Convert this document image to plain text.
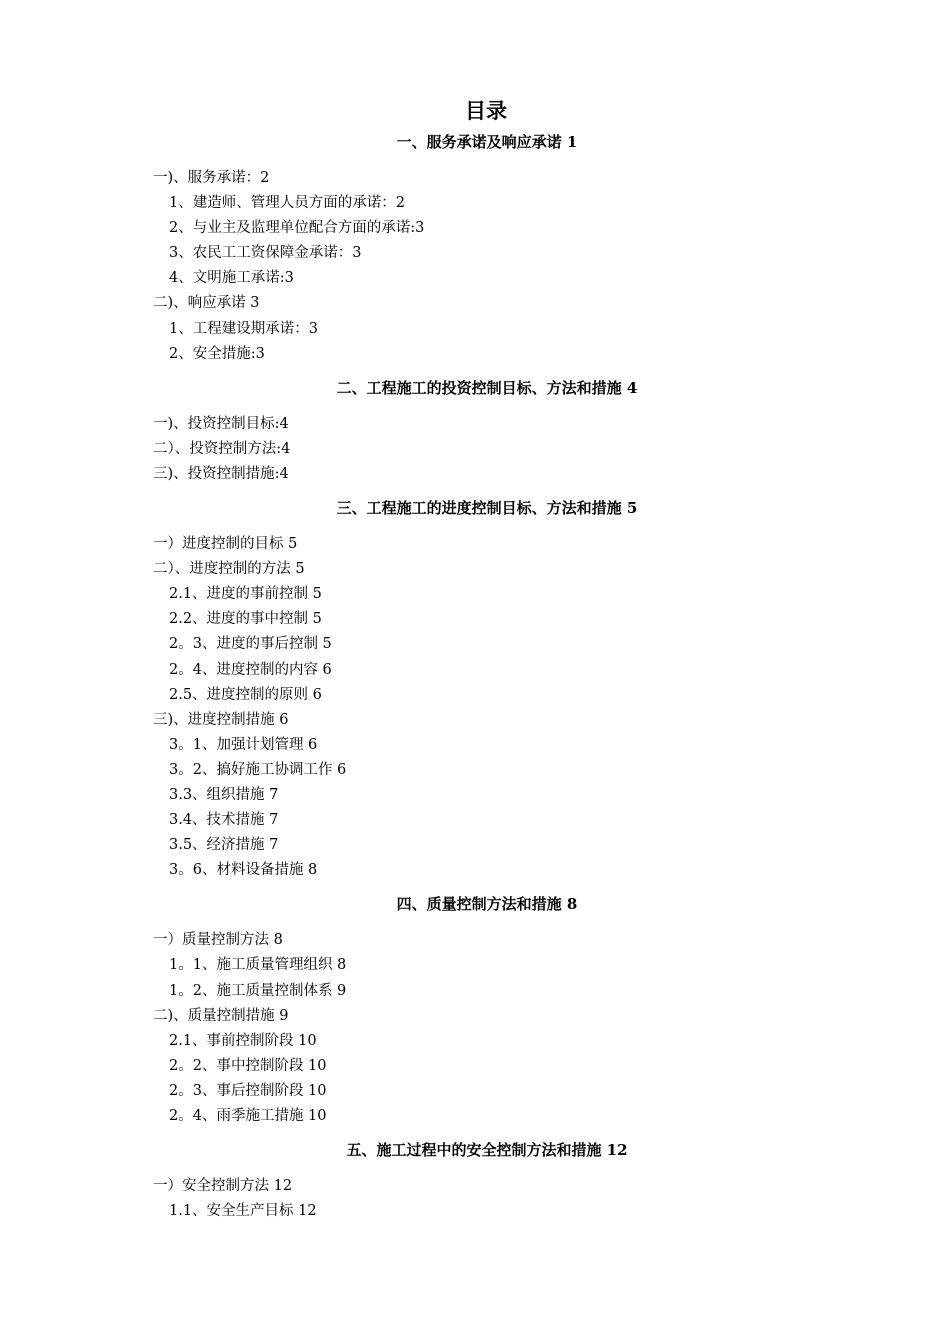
目录
一、服务承诺及响应承诺 1
一)、服务承诺：2
1、建造师、管理人员方面的承诺：2
2、与业主及监理单位配合方面的承诺:3
3、农民工工资保障金承诺：3
4、文明施工承诺:3
二)、响应承诺 3
1、工程建设期承诺：3
2、安全措施:3
二、工程施工的投资控制目标、方法和措施 4
一)、投资控制目标:4
二）、投资控制方法:4
三)、投资控制措施:4
三、工程施工的进度控制目标、方法和措施 5
一）进度控制的目标 5
二）、进度控制的方法 5
2.1、进度的事前控制 5
2.2、进度的事中控制 5
2。3、进度的事后控制 5
2。4、进度控制的内容 6
2.5、进度控制的原则 6
三)、进度控制措施 6
3。1、加强计划管理 6
3。2、搞好施工协调工作 6
3.3、组织措施 7
3.4、技术措施 7
3.5、经济措施 7
3。6、材料设备措施 8
四、质量控制方法和措施 8
一）质量控制方法 8
1。1、施工质量管理组织 8
1。2、施工质量控制体系 9
二)、质量控制措施 9
2.1、事前控制阶段 10
2。2、事中控制阶段 10
2。3、事后控制阶段 10
2。4、雨季施工措施 10
五、施工过程中的安全控制方法和措施 12
一）安全控制方法 12
1.1、安全生产目标 12
